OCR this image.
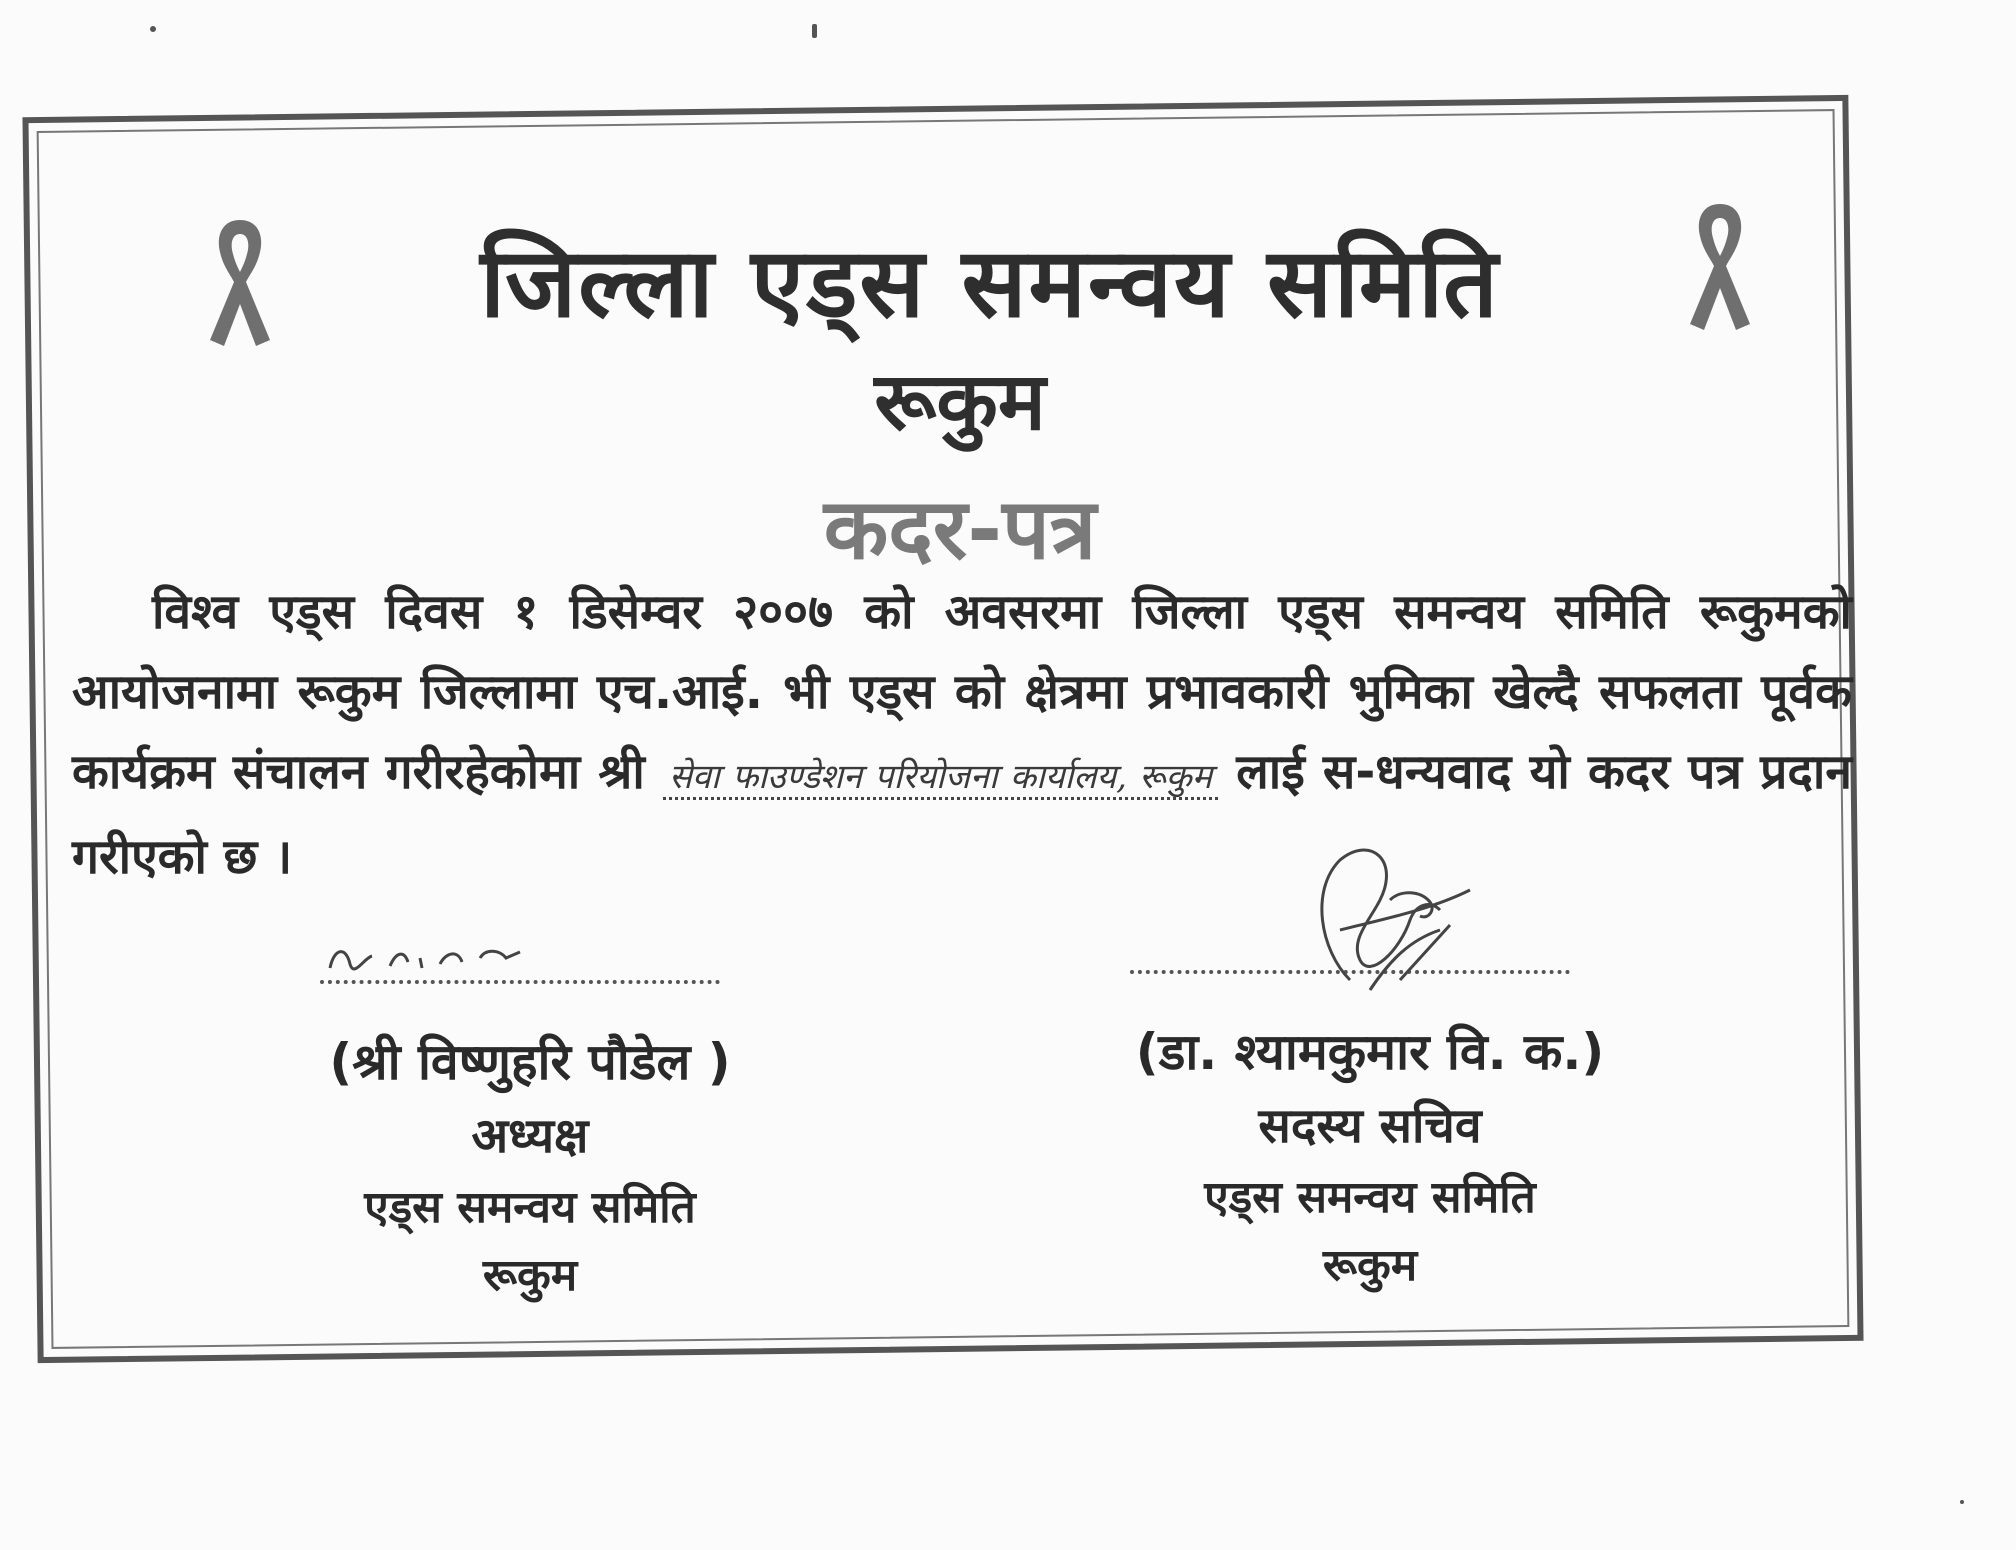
जिल्ला एड्स समन्वय समिति
रूकुम
कदर-पत्र
विश्व एड्स दिवस १ डिसेम्वर २००७ को अवसरमा जिल्ला एड्स समन्वय समिति रूकुमको आयोजनामा रूकुम जिल्लामा एच.आई. भी एड्स को क्षेत्रमा प्रभावकारी भुमिका खेल्दै सफलता पूर्वक कार्यक्रम संचालन गरीरहेकोमा श्री सेवा फाउण्डेशन परियोजना कार्यालय, रूकुम लाई स-धन्यवाद यो कदर पत्र प्रदान गरीएको छ ।
(श्री विष्णुहरि पौडेल )
अध्यक्ष
एड्स समन्वय समिति
रूकुम
(डा. श्यामकुमार वि. क.)
सदस्य सचिव
एड्स समन्वय समिति
रूकुम
